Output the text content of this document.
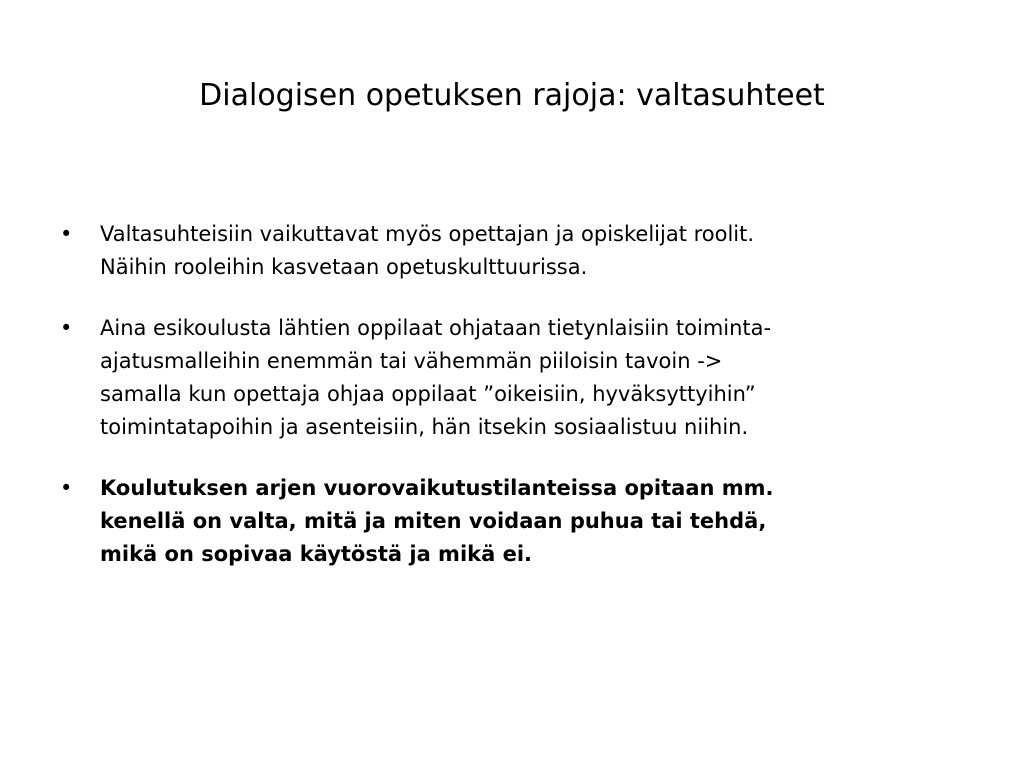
Dialogisen opetuksen rajoja: valtasuhteet
•	Valtasuhteisiin vaikuttavat myös opettajan ja opiskelijat roolit.
Näihin rooleihin kasvetaan opetuskulttuurissa.
•	Aina esikoulusta lähtien oppilaat ohjataan tietynlaisiin toiminta-
ajatusmalleihin enemmän tai vähemmän piiloisin tavoin ->
samalla kun opettaja ohjaa oppilaat ”oikeisiin, hyväksyttyihin”
toimintatapoihin ja asenteisiin, hän itsekin sosiaalistuu niihin.
•	Koulutuksen arjen vuorovaikutustilanteissa opitaan mm.
kenellä on valta, mitä ja miten voidaan puhua tai tehdä,
mikä on sopivaa käytöstä ja mikä ei.
